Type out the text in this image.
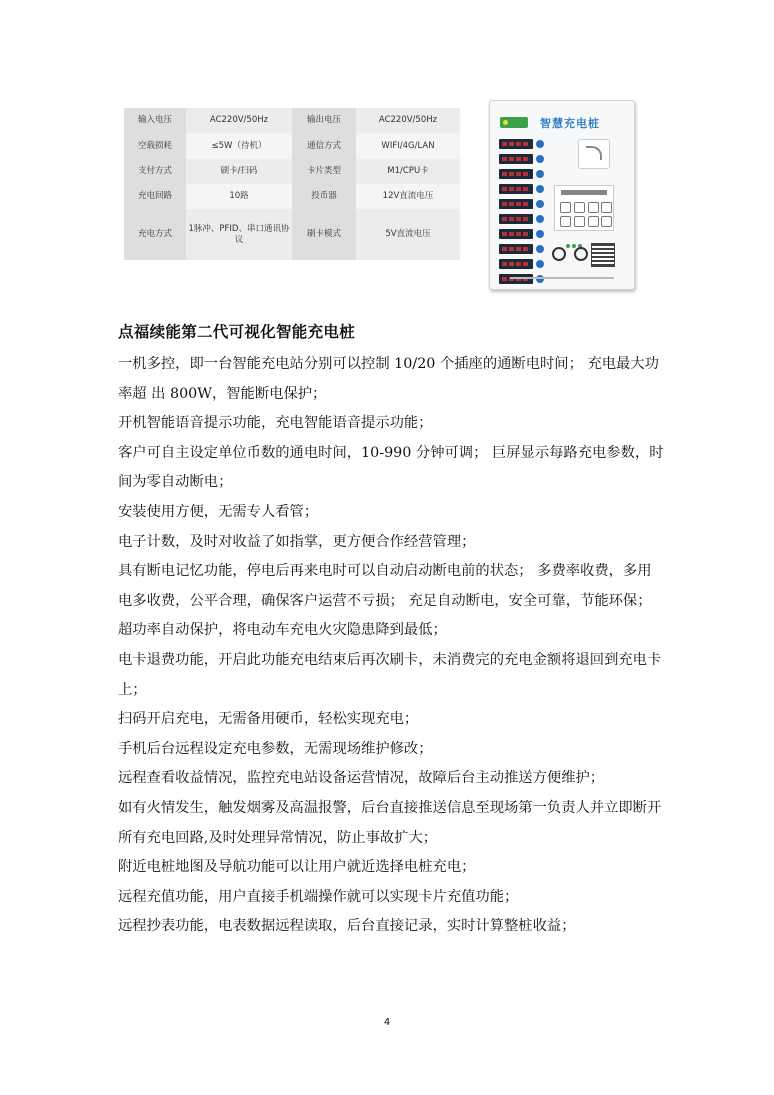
输入电压	AC220V/50Hz	输出电压	AC220V/50Hz
空载损耗	≤5W（待机）	通信方式	WIFI/4G/LAN
支付方式	刷卡/扫码	卡片类型	M1/CPU卡
充电回路	10路	投币器	12V直流电压
充电方式	1脉冲、PFID、串口通讯协议	刷卡模式	5V直流电压
智慧充电桩
点福续能第二代可视化智能充电桩

一机多控，即一台智能充电站分别可以控制 10/20 个插座的通断电时间； 充电最大功率超 出 800W，智能断电保护；

开机智能语音提示功能，充电智能语音提示功能；

客户可自主设定单位币数的通电时间，10-990 分钟可调； 巨屏显示每路充电参数，时间为零自动断电；

安装使用方便，无需专人看管；

电子计数，及时对收益了如指掌，更方便合作经营管理；

具有断电记忆功能，停电后再来电时可以自动启动断电前的状态； 多费率收费，多用电多收费，公平合理，确保客户运营不亏损； 充足自动断电，安全可靠，节能环保；

超功率自动保护，将电动车充电火灾隐患降到最低；

电卡退费功能，开启此功能充电结束后再次刷卡，未消费完的充电金额将退回到充电卡上；

扫码开启充电，无需备用硬币，轻松实现充电；

手机后台远程设定充电参数，无需现场维护修改；

远程查看收益情况，监控充电站设备运营情况，故障后台主动推送方便维护；

如有火情发生，触发烟雾及高温报警，后台直接推送信息至现场第一负责人并立即断开所有充电回路,及时处理异常情况，防止事故扩大；

附近电桩地图及导航功能可以让用户就近选择电桩充电；

远程充值功能，用户直接手机端操作就可以实现卡片充值功能；

远程抄表功能，电表数据远程读取，后台直接记录，实时计算整桩收益；

4
